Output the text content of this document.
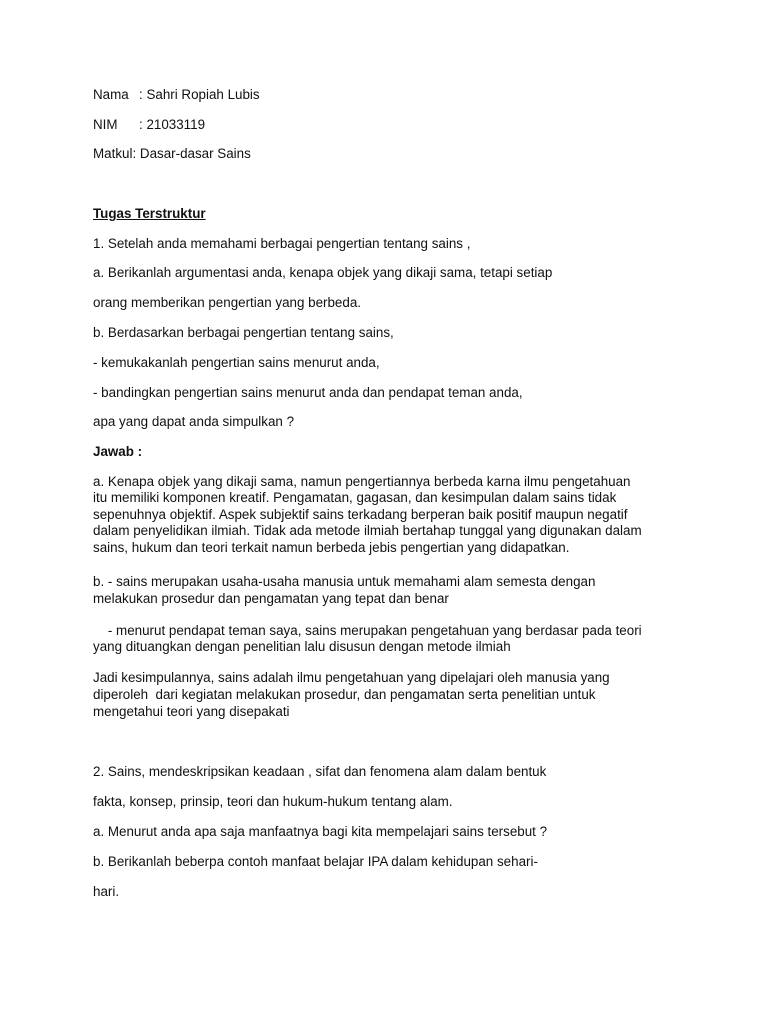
Nama : Sahri Ropiah Lubis
NIM : 21033119
Matkul: Dasar-dasar Sains
Tugas Terstruktur
1. Setelah anda memahami berbagai pengertian tentang sains ,
a. Berikanlah argumentasi anda, kenapa objek yang dikaji sama, tetapi setiap
orang memberikan pengertian yang berbeda.
b. Berdasarkan berbagai pengertian tentang sains,
- kemukakanlah pengertian sains menurut anda,
- bandingkan pengertian sains menurut anda dan pendapat teman anda,
apa yang dapat anda simpulkan ?
Jawab :
a. Kenapa objek yang dikaji sama, namun pengertiannya berbeda karna ilmu pengetahuan
itu memiliki komponen kreatif. Pengamatan, gagasan, dan kesimpulan dalam sains tidak
sepenuhnya objektif. Aspek subjektif sains terkadang berperan baik positif maupun negatif
dalam penyelidikan ilmiah. Tidak ada metode ilmiah bertahap tunggal yang digunakan dalam
sains, hukum dan teori terkait namun berbeda jebis pengertian yang didapatkan.
b. - sains merupakan usaha-usaha manusia untuk memahami alam semesta dengan
melakukan prosedur dan pengamatan yang tepat dan benar
- menurut pendapat teman saya, sains merupakan pengetahuan yang berdasar pada teori
yang dituangkan dengan penelitian lalu disusun dengan metode ilmiah
Jadi kesimpulannya, sains adalah ilmu pengetahuan yang dipelajari oleh manusia yang
diperoleh  dari kegiatan melakukan prosedur, dan pengamatan serta penelitian untuk
mengetahui teori yang disepakati
2. Sains, mendeskripsikan keadaan , sifat dan fenomena alam dalam bentuk
fakta, konsep, prinsip, teori dan hukum-hukum tentang alam.
a. Menurut anda apa saja manfaatnya bagi kita mempelajari sains tersebut ?
b. Berikanlah beberpa contoh manfaat belajar IPA dalam kehidupan sehari-
hari.
